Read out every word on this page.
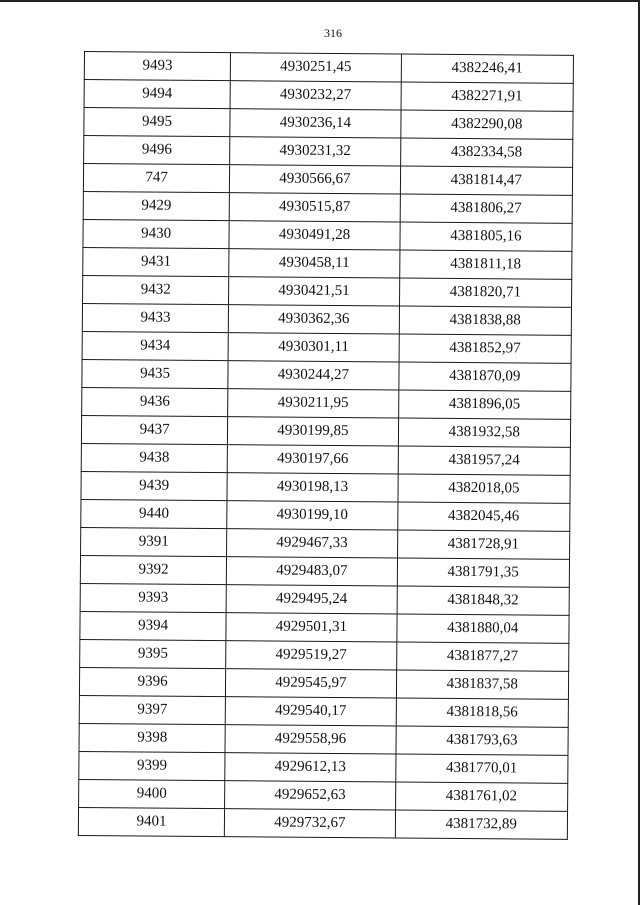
316
9493	4930251,45	4382246,41
9494	4930232,27	4382271,91
9495	4930236,14	4382290,08
9496	4930231,32	4382334,58
747	4930566,67	4381814,47
9429	4930515,87	4381806,27
9430	4930491,28	4381805,16
9431	4930458,11	4381811,18
9432	4930421,51	4381820,71
9433	4930362,36	4381838,88
9434	4930301,11	4381852,97
9435	4930244,27	4381870,09
9436	4930211,95	4381896,05
9437	4930199,85	4381932,58
9438	4930197,66	4381957,24
9439	4930198,13	4382018,05
9440	4930199,10	4382045,46
9391	4929467,33	4381728,91
9392	4929483,07	4381791,35
9393	4929495,24	4381848,32
9394	4929501,31	4381880,04
9395	4929519,27	4381877,27
9396	4929545,97	4381837,58
9397	4929540,17	4381818,56
9398	4929558,96	4381793,63
9399	4929612,13	4381770,01
9400	4929652,63	4381761,02
9401	4929732,67	4381732,89
